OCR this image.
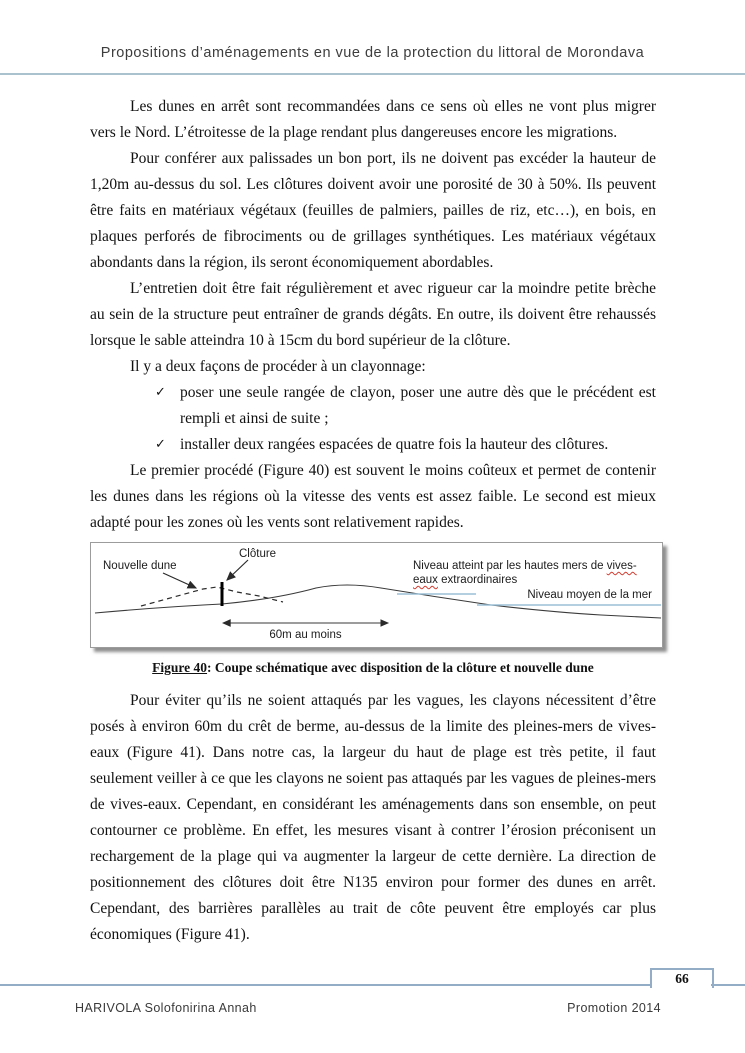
Propositions d’aménagements en vue de la protection du littoral de Morondava

Les dunes en arrêt sont recommandées dans ce sens où elles ne vont plus migrer vers le Nord. L’étroitesse de la plage rendant plus dangereuses encore les migrations.

Pour conférer aux palissades un bon port, ils ne doivent pas excéder la hauteur de 1,20m au-dessus du sol. Les clôtures doivent avoir une porosité de 30 à 50%. Ils peuvent être faits en matériaux végétaux (feuilles de palmiers, pailles de riz, etc…), en bois, en plaques perforés de fibrociments ou de grillages synthétiques. Les matériaux végétaux abondants dans la région, ils seront économiquement abordables.

L’entretien doit être fait régulièrement et avec rigueur car la moindre petite brèche au sein de la structure peut entraîner de grands dégâts. En outre, ils doivent être rehaussés lorsque le sable atteindra 10 à 15cm du bord supérieur de la clôture.

Il y a deux façons de procéder à un clayonnage:

✓ poser une seule rangée de clayon, poser une autre dès que le précédent est rempli et ainsi de suite ;
✓ installer deux rangées espacées de quatre fois la hauteur des clôtures.

Le premier procédé (Figure 40) est souvent le moins coûteux et permet de contenir les dunes dans les régions où la vitesse des vents est assez faible. Le second est mieux adapté pour les zones où les vents sont relativement rapides.

Nouvelle dune
Clôture
Niveau atteint par les hautes mers de vives-eaux extraordinaires
Niveau moyen de la mer
60m au moins
Figure 40: Coupe schématique avec disposition de la clôture et nouvelle dune

Pour éviter qu’ils ne soient attaqués par les vagues, les clayons nécessitent d’être posés à environ 60m du crêt de berme, au-dessus de la limite des pleines-mers de vives-eaux (Figure 41). Dans notre cas, la largeur du haut de plage est très petite, il faut seulement veiller à ce que les clayons ne soient pas attaqués par les vagues de pleines-mers de vives-eaux. Cependant, en considérant les aménagements dans son ensemble, on peut contourner ce problème. En effet, les mesures visant à contrer l’érosion préconisent un rechargement de la plage qui va augmenter la largeur de cette dernière. La direction de positionnement des clôtures doit être N135 environ pour former des dunes en arrêt. Cependant, des barrières parallèles au trait de côte peuvent être employés car plus économiques (Figure 41).

66
HARIVOLA Solofonirina Annah	Promotion 2014
